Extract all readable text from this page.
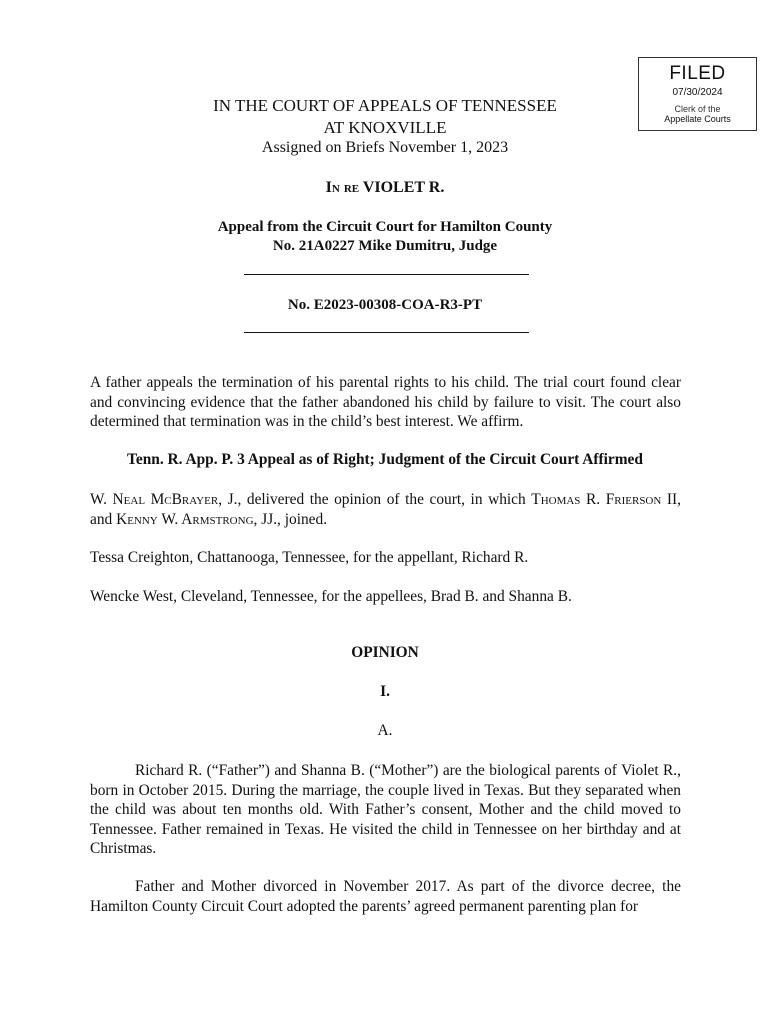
FILED
07/30/2024
Clerk of the
Appellate Courts
IN THE COURT OF APPEALS OF TENNESSEE
AT KNOXVILLE
Assigned on Briefs November 1, 2023
In re VIOLET R.
Appeal from the Circuit Court for Hamilton County
No. 21A0227 Mike Dumitru, Judge
No. E2023-00308-COA-R3-PT
A father appeals the termination of his parental rights to his child. The trial court found clear and convincing evidence that the father abandoned his child by failure to visit. The court also determined that termination was in the child’s best interest. We affirm.
Tenn. R. App. P. 3 Appeal as of Right; Judgment of the Circuit Court Affirmed
W. Neal McBrayer, J., delivered the opinion of the court, in which Thomas R. Frierson II, and Kenny W. Armstrong, JJ., joined.
Tessa Creighton, Chattanooga, Tennessee, for the appellant, Richard R.
Wencke West, Cleveland, Tennessee, for the appellees, Brad B. and Shanna B.
OPINION
I.
A.
Richard R. (“Father”) and Shanna B. (“Mother”) are the biological parents of Violet R., born in October 2015. During the marriage, the couple lived in Texas. But they separated when the child was about ten months old. With Father’s consent, Mother and the child moved to Tennessee. Father remained in Texas. He visited the child in Tennessee on her birthday and at Christmas.
Father and Mother divorced in November 2017. As part of the divorce decree, the Hamilton County Circuit Court adopted the parents’ agreed permanent parenting plan for
